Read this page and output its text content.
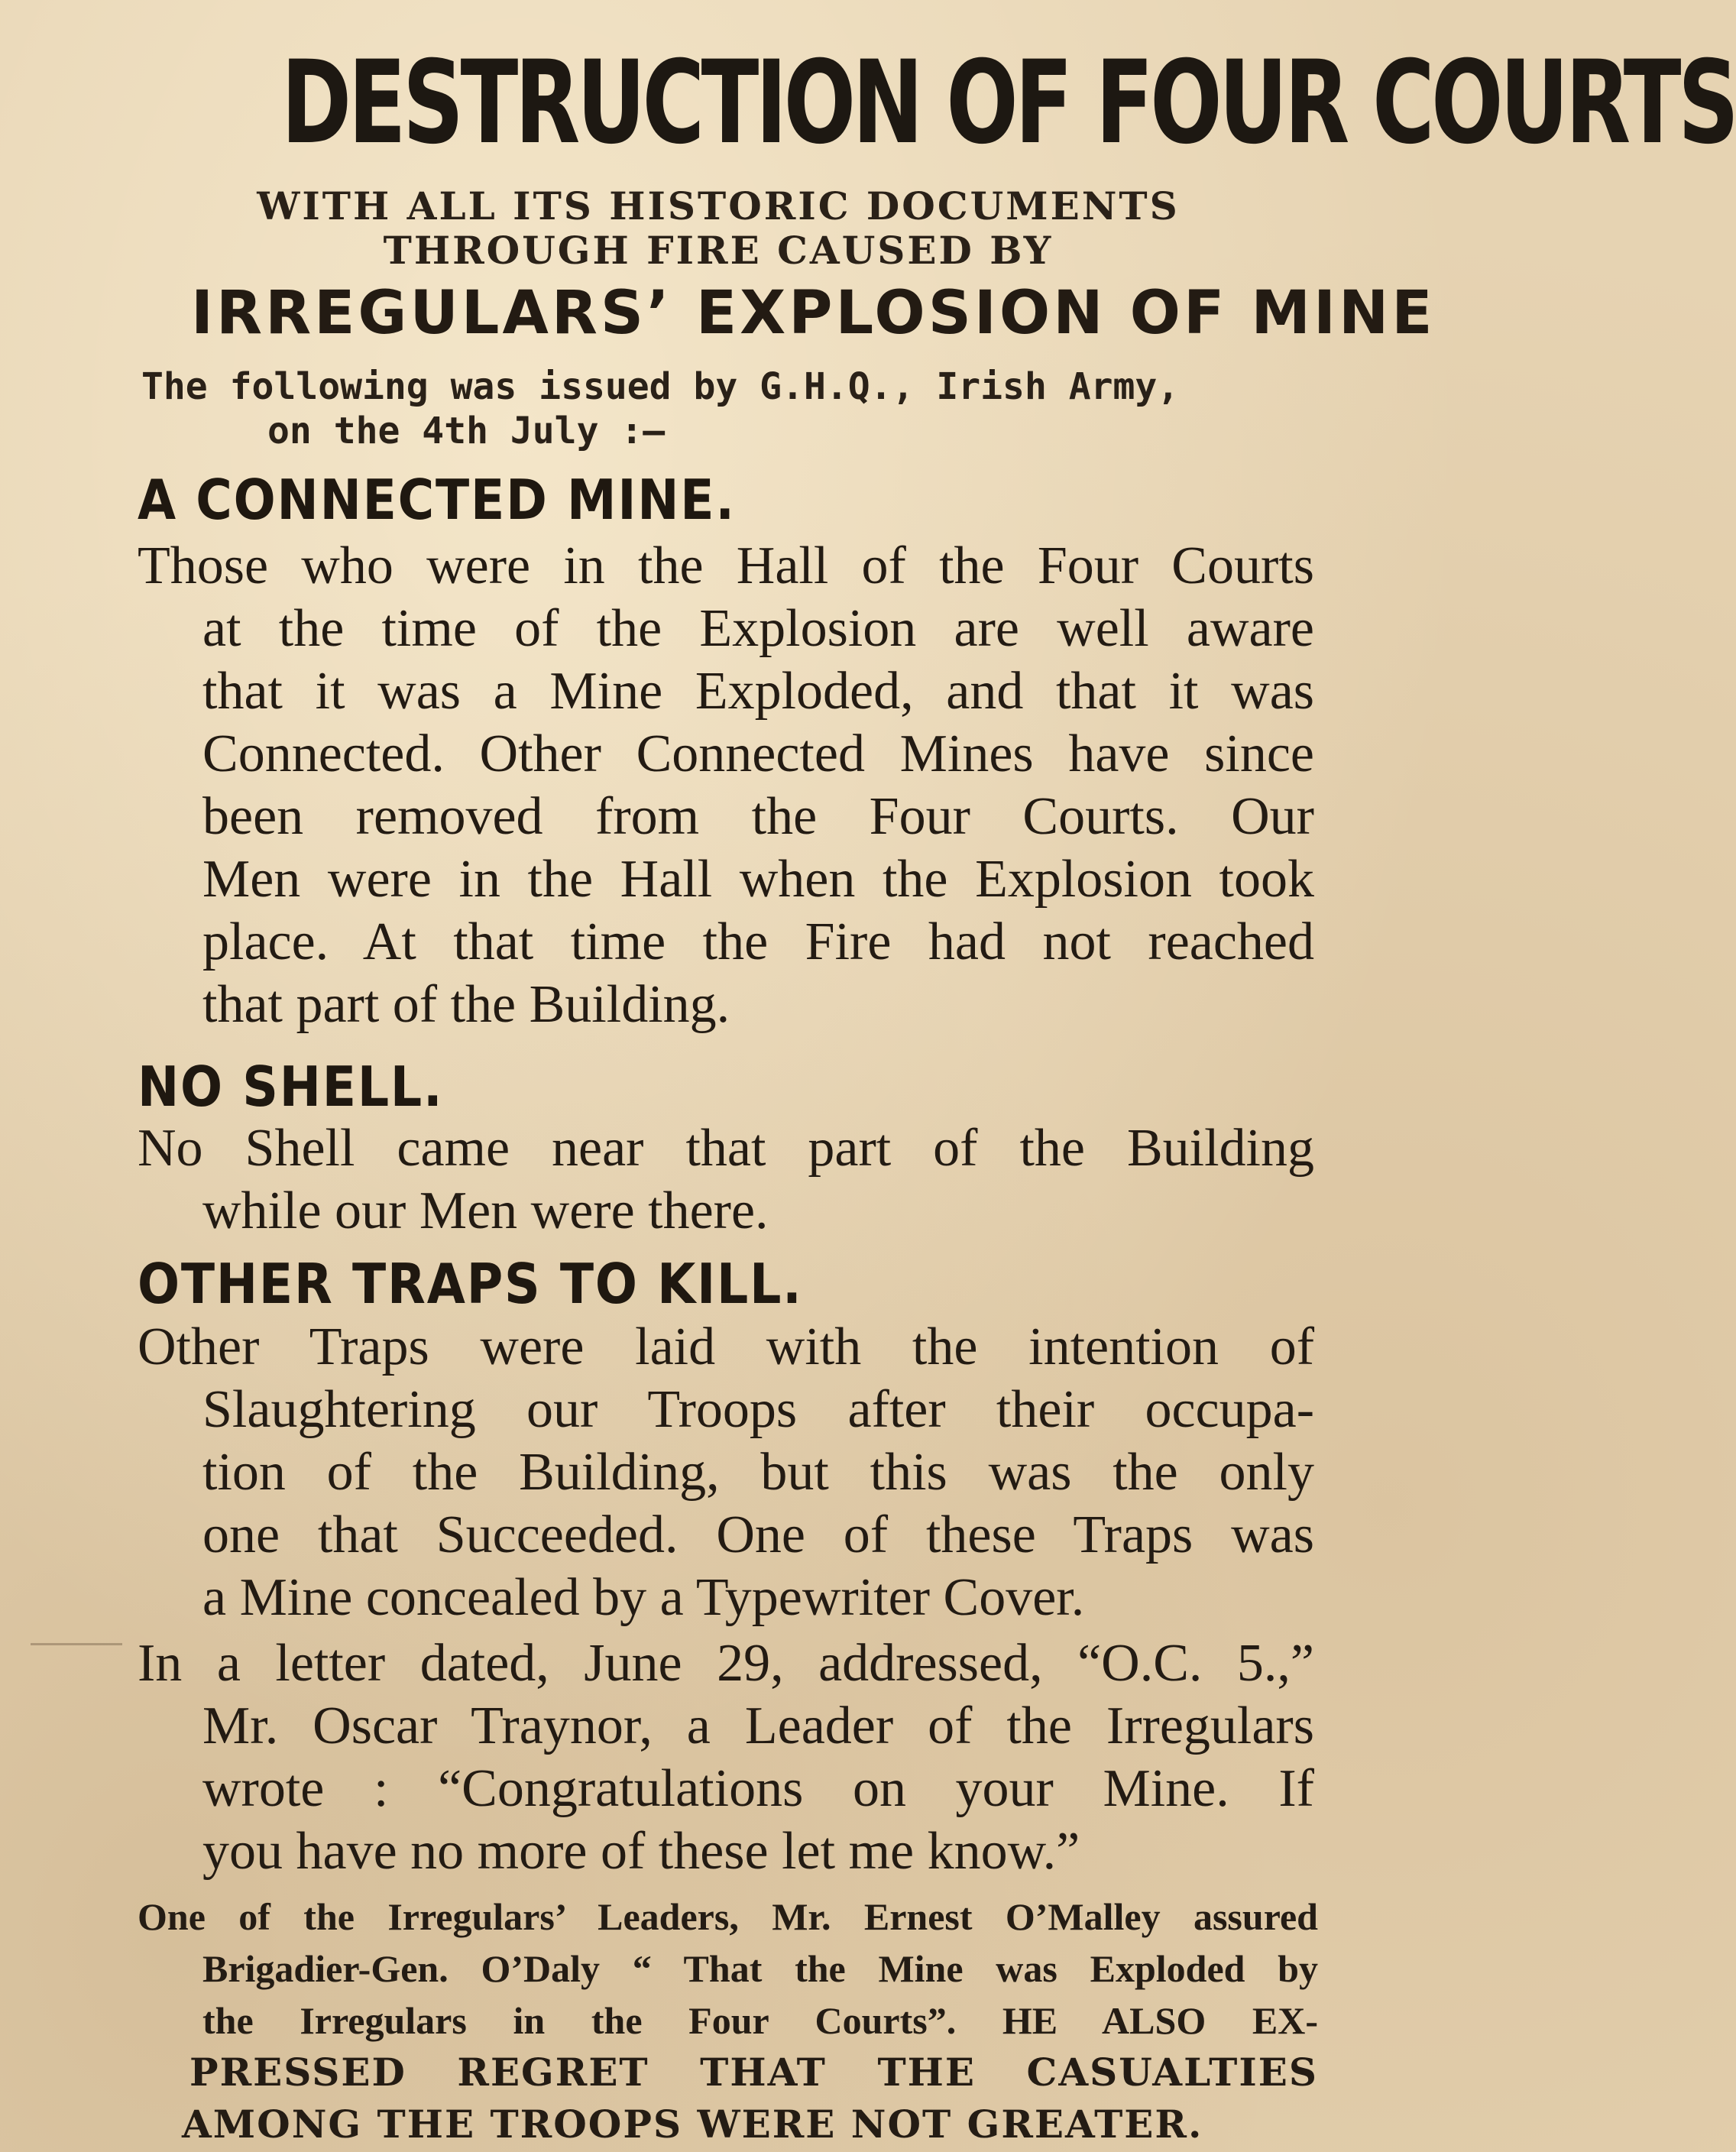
DESTRUCTION OF FOUR COURTS
WITH ALL ITS HISTORIC DOCUMENTS
THROUGH FIRE CAUSED BY
IRREGULARS’ EXPLOSION OF MINE
The following was issued by G.H.Q., Irish Army,
on the 4th July :—
A CONNECTED MINE.
Those who were in the Hall of the Four Courts
at the time of the Explosion are well aware
that it was a Mine Exploded, and that it was
Connected. Other Connected Mines have since
been removed from the Four Courts. Our
Men were in the Hall when the Explosion took
place. At that time the Fire had not reached
that part of the Building.
NO SHELL.
No Shell came near that part of the Building
while our Men were there.
OTHER TRAPS TO KILL.
Other Traps were laid with the intention of
Slaughtering our Troops after their occupa-
tion of the Building, but this was the only
one that Succeeded. One of these Traps was
a Mine concealed by a Typewriter Cover.
In a letter dated, June 29, addressed, “O.C. 5.,”
Mr. Oscar Traynor, a Leader of the Irregulars
wrote : “Congratulations on your Mine. If
you have no more of these let me know.”
One of the Irregulars’ Leaders, Mr. Ernest O’Malley assured
Brigadier-Gen. O’Daly “ That the Mine was Exploded by
the Irregulars in the Four Courts”. HE ALSO EX-
PRESSED REGRET THAT THE CASUALTIES
AMONG THE TROOPS WERE NOT GREATER.
